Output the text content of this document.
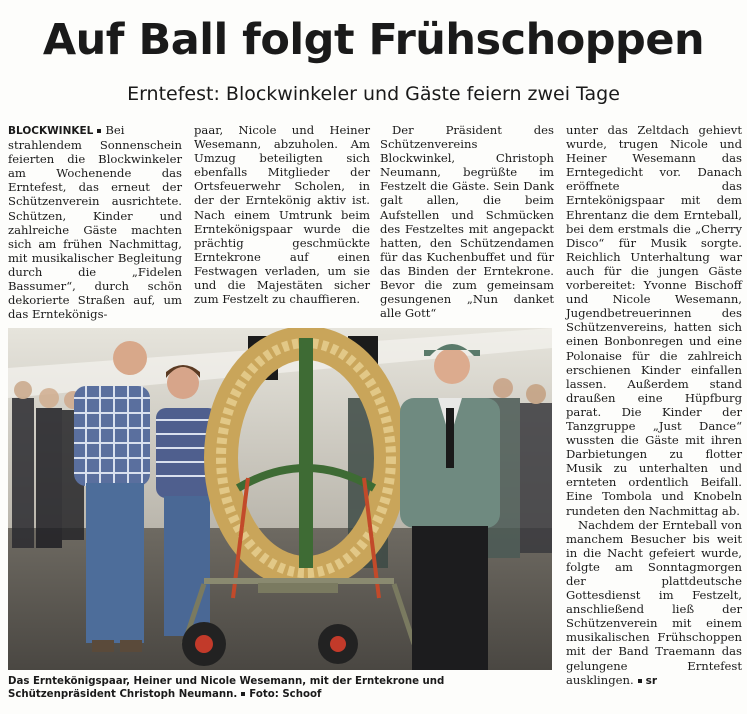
Auf Ball folgt Frühschoppen
Erntefest: Blockwinkeler und Gäste feiern zwei Tage

BLOCKWINKEL Bei strahlendem Sonnenschein feierten die Blockwinkeler am Wochenende das Erntefest, das erneut der Schützenverein ausrichtete. Schützen, Kinder und zahlreiche Gäste machten sich am frühen Nachmittag, mit musikalischer Begleitung durch die „Fidelen Bassumer“, durch schön dekorierte Straßen auf, um das Erntekönigs-

paar, Nicole und Heiner Wesemann, abzuholen. Am Umzug beteiligten sich ebenfalls Mitglieder der Ortsfeuerwehr Scholen, in der der Erntekönig aktiv ist. Nach einem Umtrunk beim Erntekönigspaar wurde die prächtig geschmückte Erntekrone auf einen Festwagen verladen, um sie und die Majestäten sicher zum Festzelt zu chauffieren.

Der Präsident des Schützenvereins Blockwinkel, Christoph Neumann, begrüßte im Festzelt die Gäste. Sein Dank galt allen, die beim Aufstellen und Schmücken des Festzeltes mit angepackt hatten, den Schützendamen für das Kuchenbuffet und für das Binden der Erntekrone. Bevor die zum gemeinsam gesungenen „Nun danket alle Gott“

unter das Zeltdach gehievt wurde, trugen Nicole und Heiner Wesemann das Erntegedicht vor. Danach eröffnete das Erntekönigspaar mit dem Ehrentanz die dem Ernteball, bei dem erstmals die „Cherry Disco“ für Musik sorgte. Reichlich Unterhaltung war auch für die jungen Gäste vorbereitet: Yvonne Bischoff und Nicole Wesemann, Jugendbetreuerinnen des Schützenvereins, hatten sich einen Bonbonregen und eine Polonaise für die zahlreich erschienen Kinder einfallen lassen. Außerdem stand draußen eine Hüpfburg parat. Die Kinder der Tanzgruppe „Just Dance“ wussten die Gäste mit ihren Darbietungen zu flotter Musik zu unterhalten und ernteten ordentlich Beifall. Eine Tombola und Knobeln rundeten den Nachmittag ab.

Nachdem der Ernteball von manchem Besucher bis weit in die Nacht gefeiert wurde, folgte am Sonntagmorgen der plattdeutsche Gottesdienst im Festzelt, anschließend ließ der Schützenverein mit einem musikalischen Frühschoppen mit der Band Traemann das gelungene Erntefest ausklingen. sr

Das Erntekönigspaar, Heiner und Nicole Wesemann, mit der Erntekrone und Schützenpräsident Christoph Neumann. Foto: Schoof
